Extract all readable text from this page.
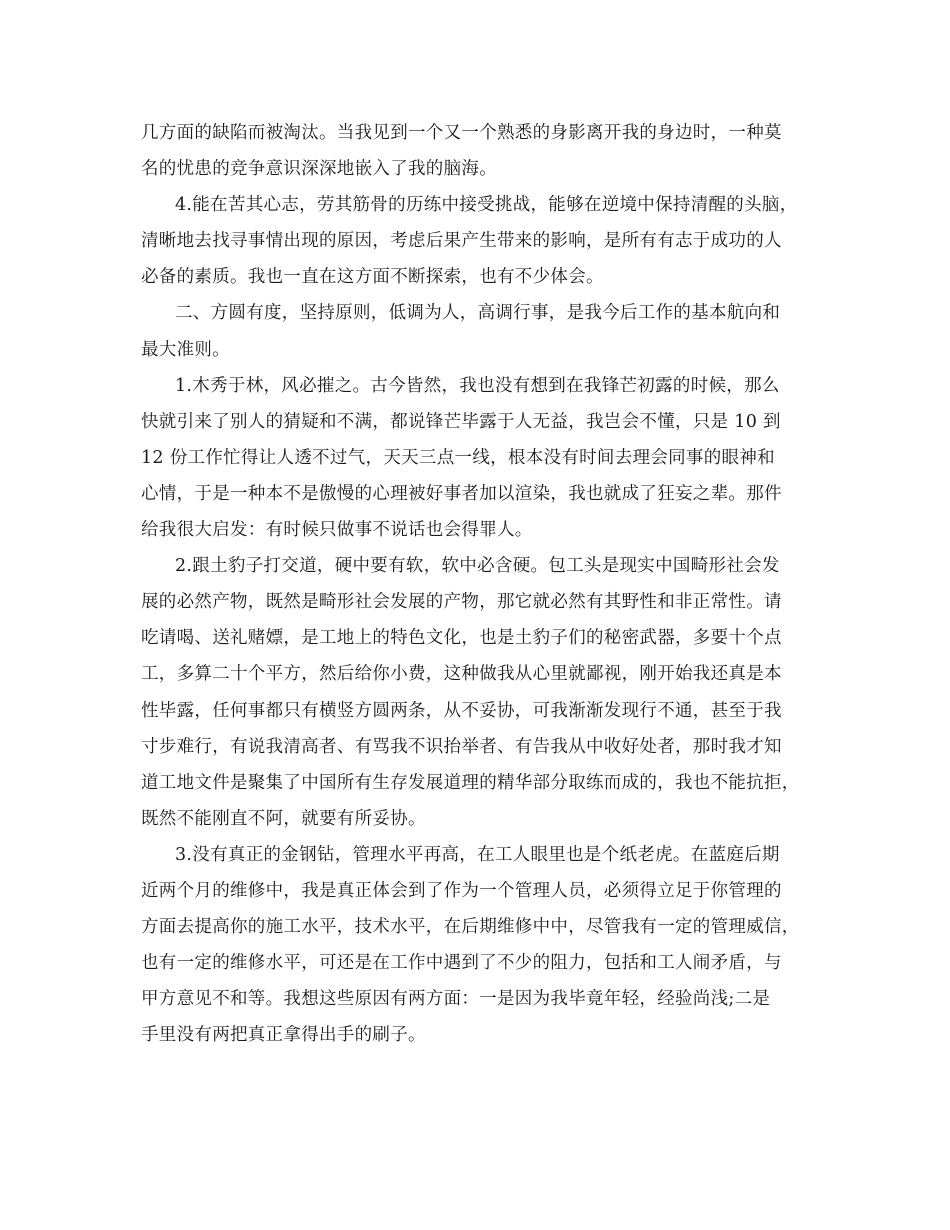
几方面的缺陷而被淘汰。当我见到一个又一个熟悉的身影离开我的身边时，一种莫
名的忧患的竞争意识深深地嵌入了我的脑海。
4.能在苦其心志，劳其筋骨的历练中接受挑战，能够在逆境中保持清醒的头脑，
清晰地去找寻事情出现的原因，考虑后果产生带来的影响，是所有有志于成功的人
必备的素质。我也一直在这方面不断探索，也有不少体会。
二、方圆有度，坚持原则，低调为人，高调行事，是我今后工作的基本航向和
最大准则。
1.木秀于林，风必摧之。古今皆然，我也没有想到在我锋芒初露的时候，那么
快就引来了别人的猜疑和不满，都说锋芒毕露于人无益，我岂会不懂，只是 10 到
12 份工作忙得让人透不过气，天天三点一线，根本没有时间去理会同事的眼神和
心情，于是一种本不是傲慢的心理被好事者加以渲染，我也就成了狂妄之辈。那件
给我很大启发：有时候只做事不说话也会得罪人。
2.跟土豹子打交道，硬中要有软，软中必含硬。包工头是现实中国畸形社会发
展的必然产物，既然是畸形社会发展的产物，那它就必然有其野性和非正常性。请
吃请喝、送礼赌嫖，是工地上的特色文化，也是土豹子们的秘密武器，多要十个点
工，多算二十个平方，然后给你小费，这种做我从心里就鄙视，刚开始我还真是本
性毕露，任何事都只有横竖方圆两条，从不妥协，可我渐渐发现行不通，甚至于我
寸步难行，有说我清高者、有骂我不识抬举者、有告我从中收好处者，那时我才知
道工地文件是聚集了中国所有生存发展道理的精华部分取练而成的，我也不能抗拒，
既然不能刚直不阿，就要有所妥协。
3.没有真正的金钢钻，管理水平再高，在工人眼里也是个纸老虎。在蓝庭后期
近两个月的维修中，我是真正体会到了作为一个管理人员，必须得立足于你管理的
方面去提高你的施工水平，技术水平，在后期维修中中，尽管我有一定的管理威信，
也有一定的维修水平，可还是在工作中遇到了不少的阻力，包括和工人闹矛盾，与
甲方意见不和等。我想这些原因有两方面：一是因为我毕竟年轻，经验尚浅;二是
手里没有两把真正拿得出手的刷子。
